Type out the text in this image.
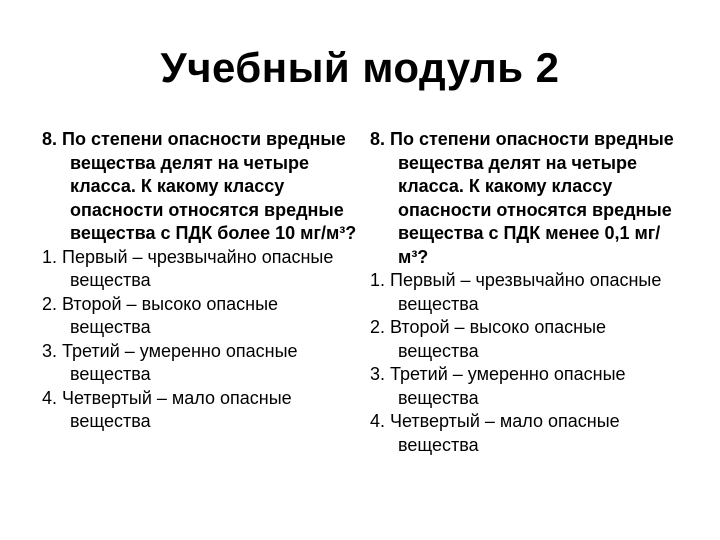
Учебный модуль 2
8. По степени опасности вредные вещества делят на четыре класса. К какому классу опасности относятся вредные вещества с ПДК более 10 мг/м³?
1. Первый – чрезвычайно опасные вещества
2. Второй – высоко опасные вещества
3. Третий – умеренно опасные вещества
4. Четвертый – мало опасные вещества
8. По степени опасности вредные вещества делят на четыре класса. К какому классу опасности относятся вредные вещества с ПДК менее 0,1 мг/м³?
1. Первый – чрезвычайно опасные вещества
2. Второй – высоко опасные вещества
3. Третий – умеренно опасные вещества
4. Четвертый – мало опасные вещества
